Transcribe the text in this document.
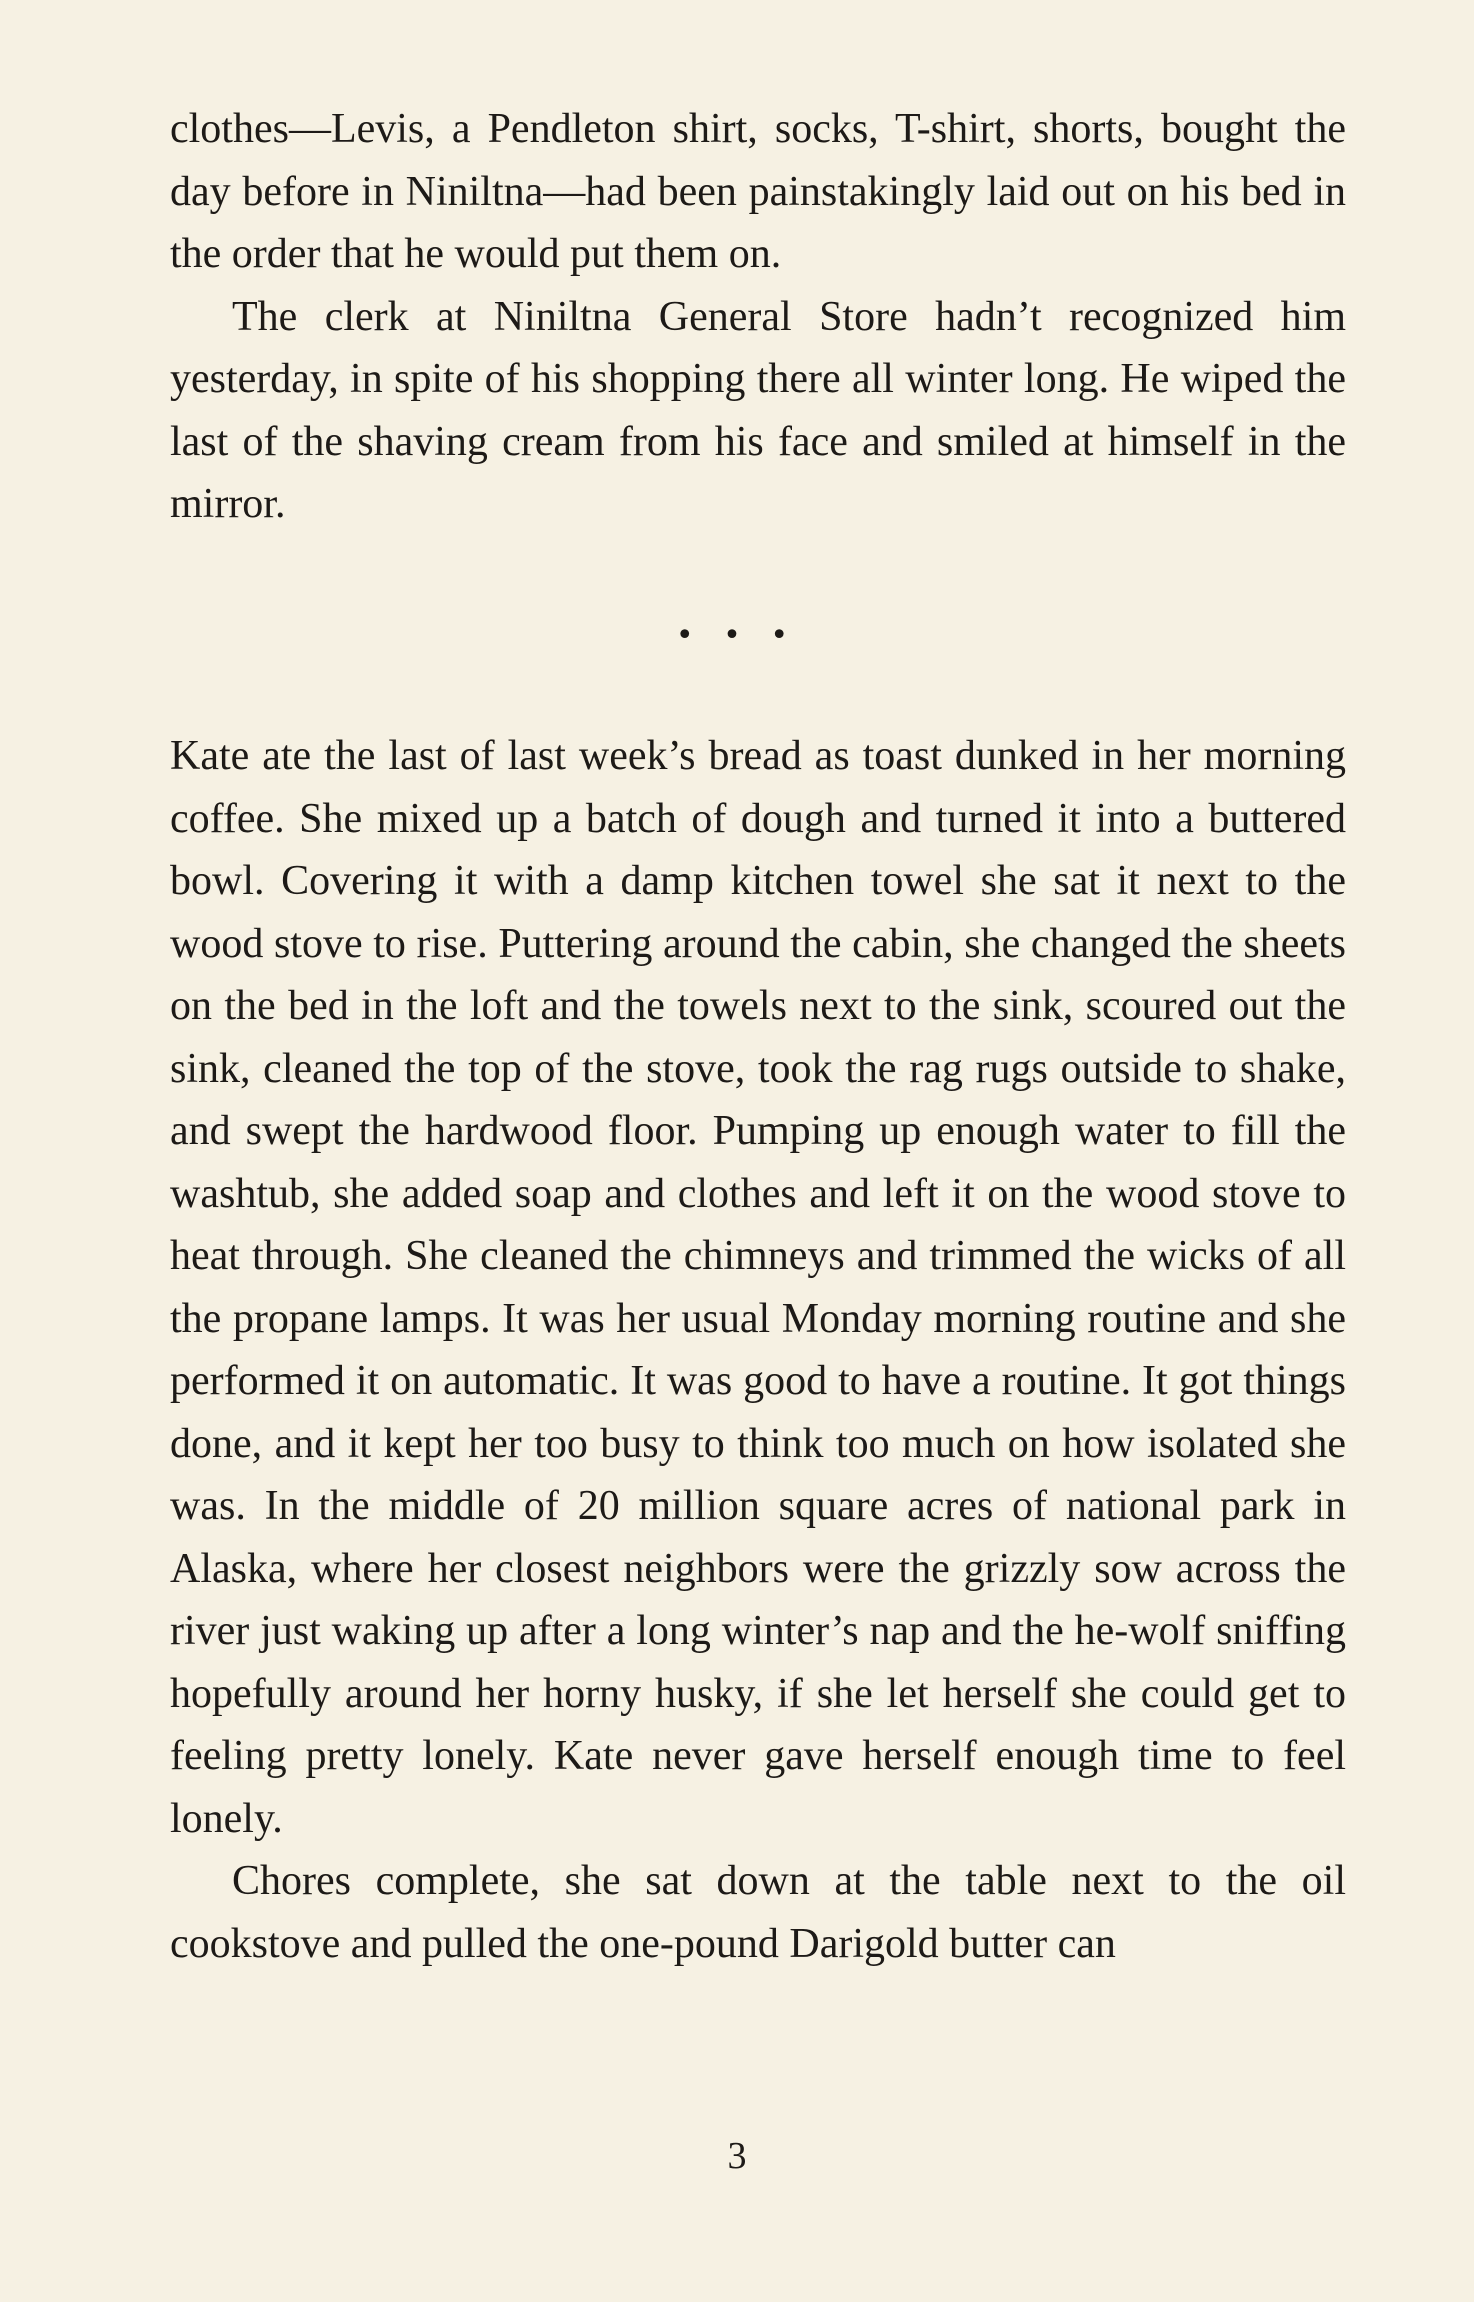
clothes—Levis, a Pendleton shirt, socks, T-shirt, shorts, bought the day before in Niniltna—had been painstakingly laid out on his bed in the order that he would put them on.

The clerk at Niniltna General Store hadn’t recognized him yesterday, in spite of his shopping there all winter long. He wiped the last of the shaving cream from his face and smiled at himself in the mirror.

• • •

Kate ate the last of last week’s bread as toast dunked in her morning coffee. She mixed up a batch of dough and turned it into a buttered bowl. Covering it with a damp kitchen towel she sat it next to the wood stove to rise. Puttering around the cabin, she changed the sheets on the bed in the loft and the towels next to the sink, scoured out the sink, cleaned the top of the stove, took the rag rugs outside to shake, and swept the hardwood floor. Pumping up enough water to fill the washtub, she added soap and clothes and left it on the wood stove to heat through. She cleaned the chimneys and trimmed the wicks of all the propane lamps. It was her usual Monday morning routine and she performed it on automatic. It was good to have a routine. It got things done, and it kept her too busy to think too much on how isolated she was. In the middle of 20 million square acres of national park in Alaska, where her closest neighbors were the grizzly sow across the river just waking up after a long winter’s nap and the he-wolf sniffing hopefully around her horny husky, if she let herself she could get to feeling pretty lonely. Kate never gave herself enough time to feel lonely.

Chores complete, she sat down at the table next to the oil cookstove and pulled the one-pound Darigold butter can

3
